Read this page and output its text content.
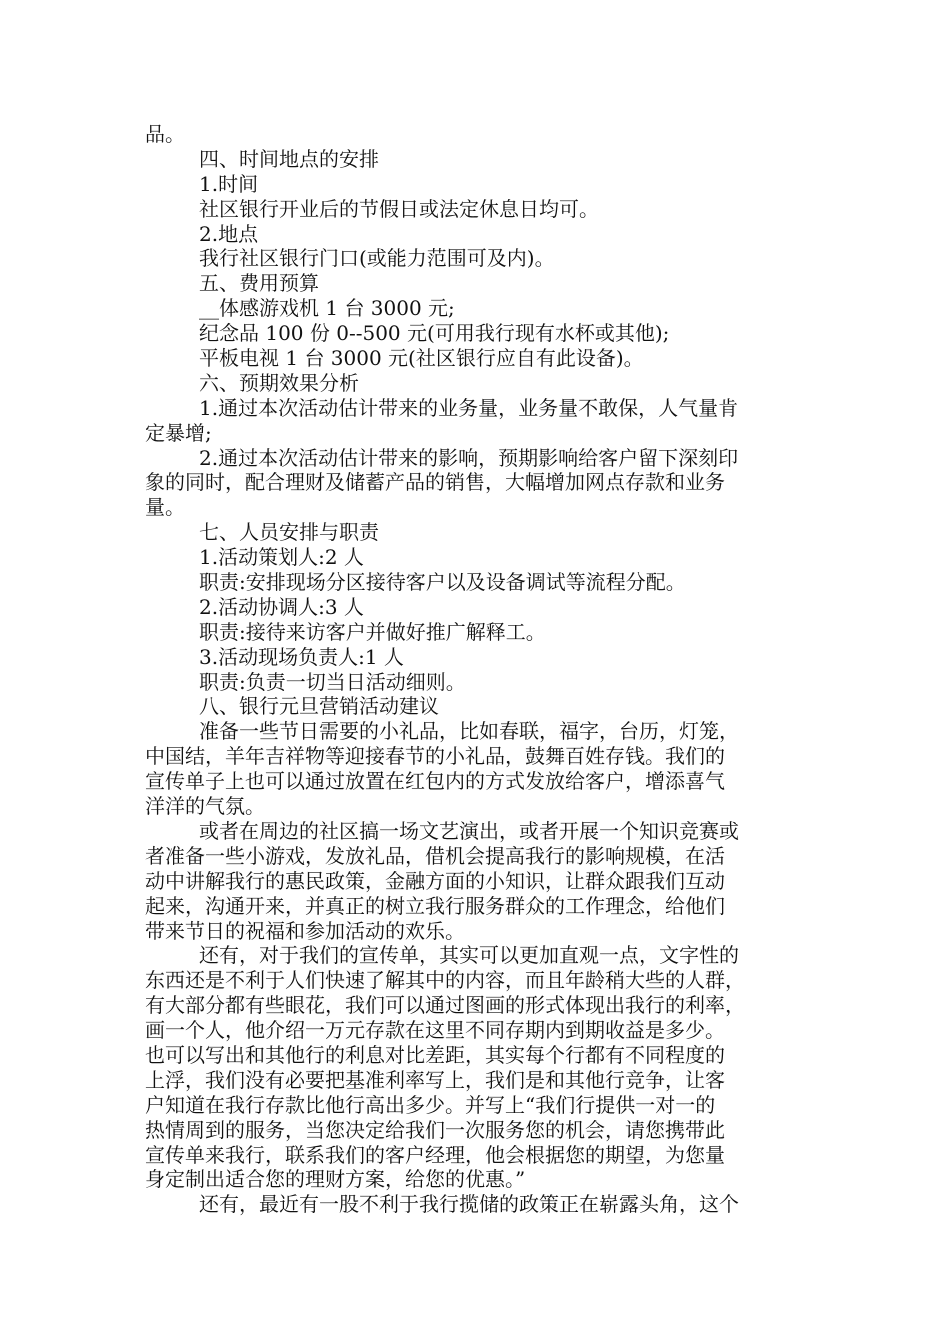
品。
四、时间地点的安排
1.时间
社区银行开业后的节假日或法定休息日均可。
2.地点
我行社区银行门口(或能力范围可及内)。
五、费用预算
__体感游戏机 1 台 3000 元;
纪念品 100 份 0--500 元(可用我行现有水杯或其他);
平板电视 1 台 3000 元(社区银行应自有此设备)。
六、预期效果分析
1.通过本次活动估计带来的业务量，业务量不敢保，人气量肯
定暴增;
2.通过本次活动估计带来的影响，预期影响给客户留下深刻印
象的同时，配合理财及储蓄产品的销售，大幅增加网点存款和业务
量。
七、人员安排与职责
1.活动策划人:2 人
职责:安排现场分区接待客户以及设备调试等流程分配。
2.活动协调人:3 人
职责:接待来访客户并做好推广解释工。
3.活动现场负责人:1 人
职责:负责一切当日活动细则。
八、银行元旦营销活动建议
准备一些节日需要的小礼品，比如春联，福字，台历，灯笼，
中国结，羊年吉祥物等迎接春节的小礼品，鼓舞百姓存钱。我们的
宣传单子上也可以通过放置在红包内的方式发放给客户，增添喜气
洋洋的气氛。
或者在周边的社区搞一场文艺演出，或者开展一个知识竞赛或
者准备一些小游戏，发放礼品，借机会提高我行的影响规模，在活
动中讲解我行的惠民政策，金融方面的小知识，让群众跟我们互动
起来，沟通开来，并真正的树立我行服务群众的工作理念，给他们
带来节日的祝福和参加活动的欢乐。
还有，对于我们的宣传单，其实可以更加直观一点，文字性的
东西还是不利于人们快速了解其中的内容，而且年龄稍大些的人群，
有大部分都有些眼花，我们可以通过图画的形式体现出我行的利率，
画一个人，他介绍一万元存款在这里不同存期内到期收益是多少。
也可以写出和其他行的利息对比差距，其实每个行都有不同程度的
上浮，我们没有必要把基准利率写上，我们是和其他行竞争，让客
户知道在我行存款比他行高出多少。并写上“我们行提供一对一的
热情周到的服务，当您决定给我们一次服务您的机会，请您携带此
宣传单来我行，联系我们的客户经理，他会根据您的期望，为您量
身定制出适合您的理财方案，给您的优惠。”
还有，最近有一股不利于我行揽储的政策正在崭露头角，这个
